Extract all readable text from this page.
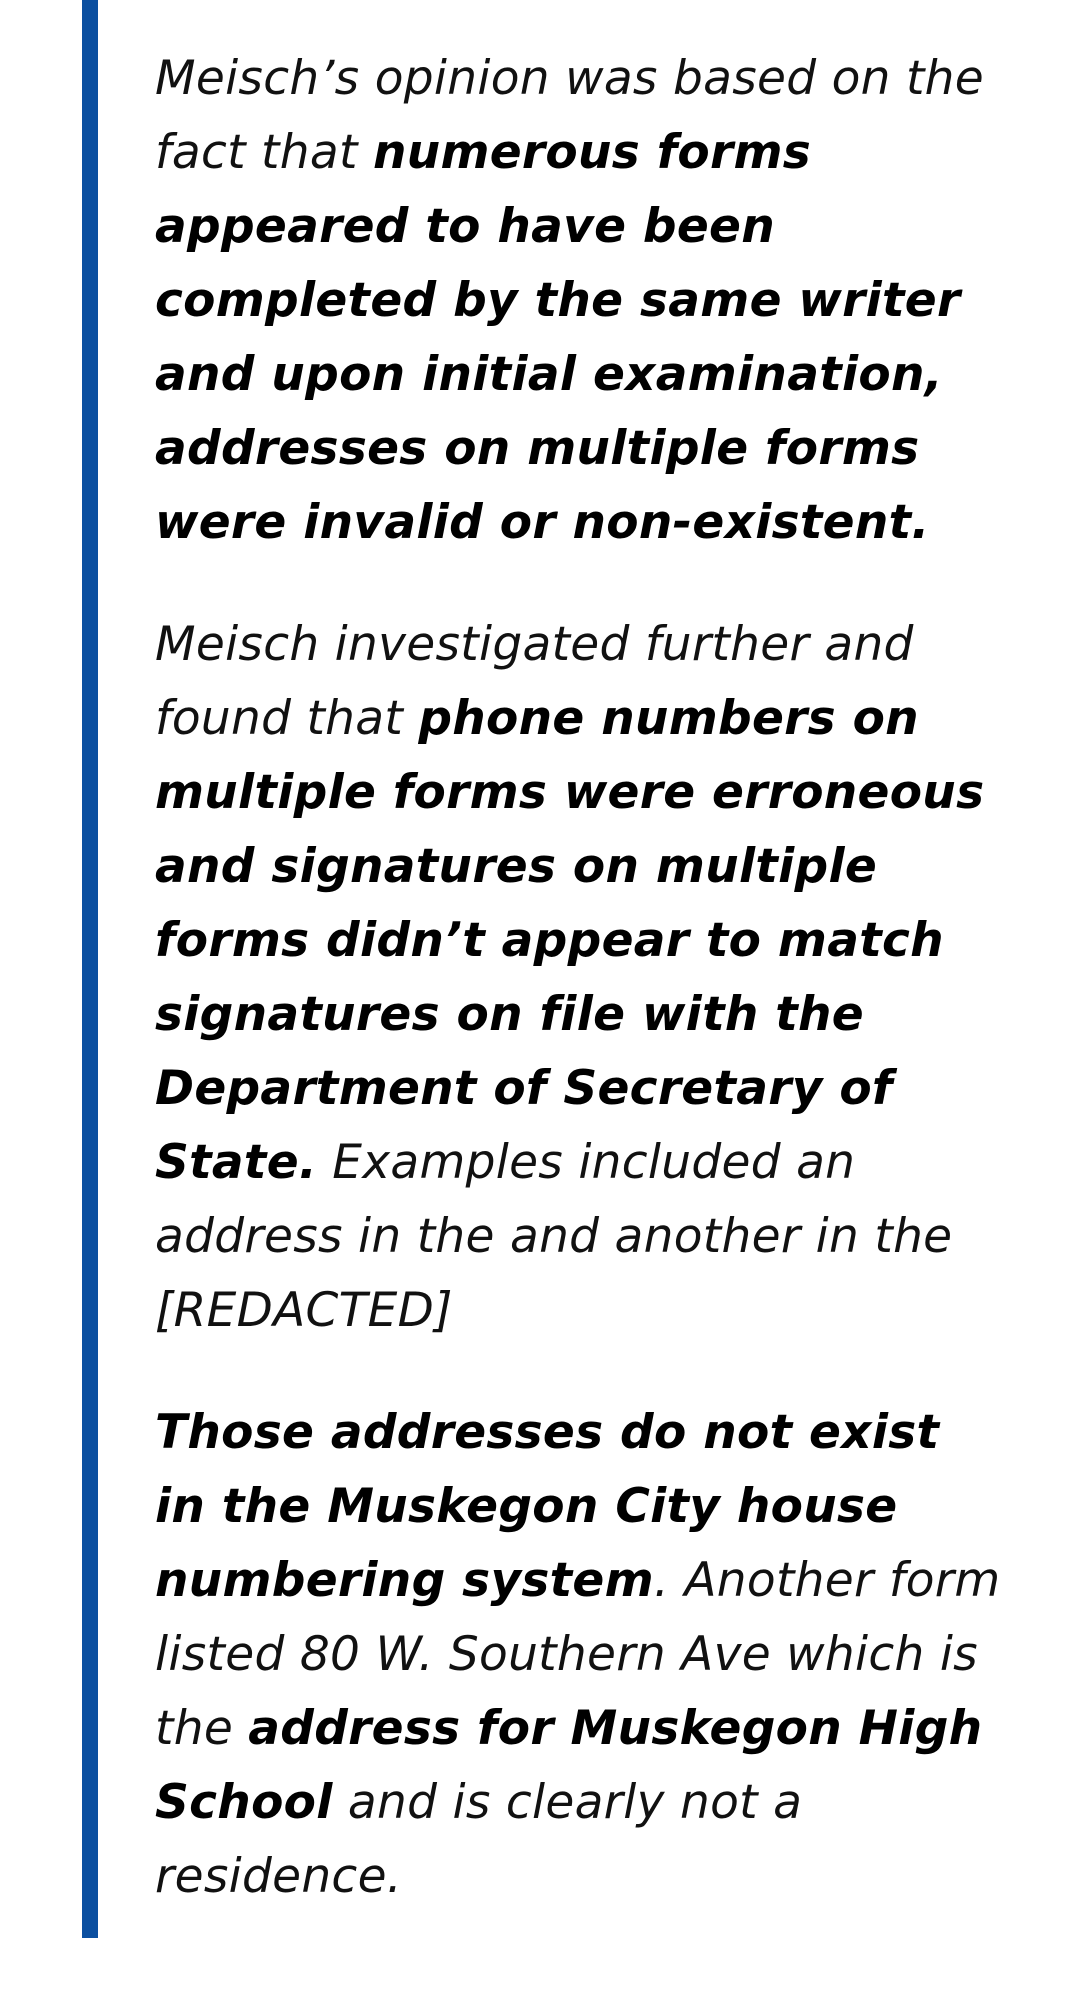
Meisch’s opinion was based on the fact that numerous forms appeared to have been completed by the same writer and upon initial examination, addresses on multiple forms were invalid or non-existent.

Meisch investigated further and found that phone numbers on multiple forms were erroneous and signatures on multiple forms didn’t appear to match signatures on file with the Department of Secretary of State. Examples included an address in the and another in the [REDACTED]

Those addresses do not exist in the Muskegon City house numbering system. Another form listed 80 W. Southern Ave which is the address for Muskegon High School and is clearly not a residence.
